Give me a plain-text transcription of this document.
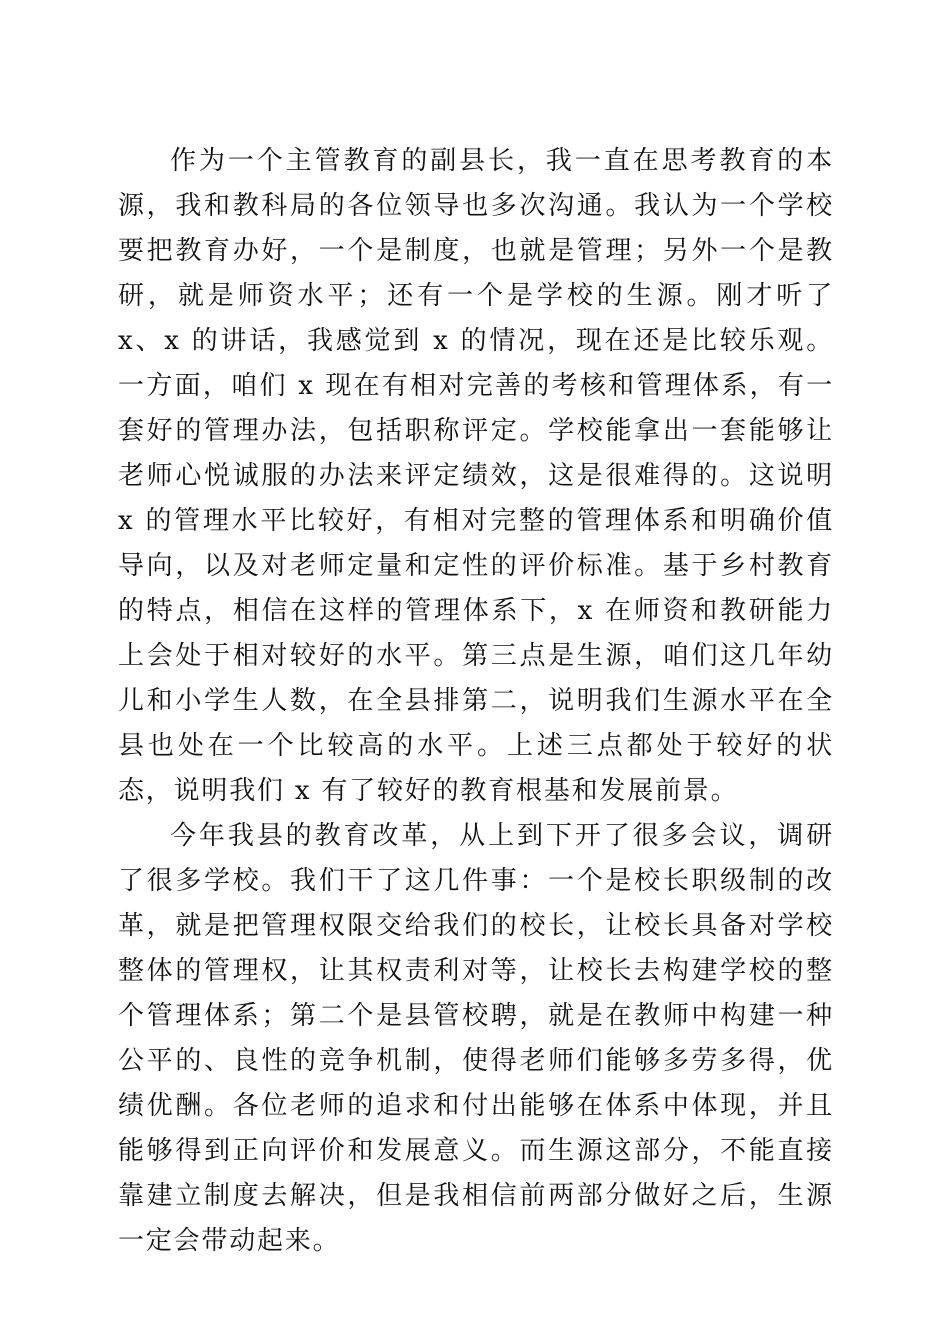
作为一个主管教育的副县长，我一直在思考教育的本源，我和教科局的各位领导也多次沟通。我认为一个学校要把教育办好，一个是制度，也就是管理；另外一个是教研，就是师资水平；还有一个是学校的生源。刚才听了 x、x 的讲话，我感觉到 x 的情况，现在还是比较乐观。一方面，咱们 x 现在有相对完善的考核和管理体系，有一套好的管理办法，包括职称评定。学校能拿出一套能够让老师心悦诚服的办法来评定绩效，这是很难得的。这说明 x 的管理水平比较好，有相对完整的管理体系和明确价值导向，以及对老师定量和定性的评价标准。基于乡村教育的特点，相信在这样的管理体系下，x 在师资和教研能力上会处于相对较好的水平。第三点是生源，咱们这几年幼儿和小学生人数，在全县排第二，说明我们生源水平在全县也处在一个比较高的水平。上述三点都处于较好的状态，说明我们 x 有了较好的教育根基和发展前景。

今年我县的教育改革，从上到下开了很多会议，调研了很多学校。我们干了这几件事：一个是校长职级制的改革，就是把管理权限交给我们的校长，让校长具备对学校整体的管理权，让其权责利对等，让校长去构建学校的整个管理体系；第二个是县管校聘，就是在教师中构建一种公平的、良性的竞争机制，使得老师们能够多劳多得，优绩优酬。各位老师的追求和付出能够在体系中体现，并且能够得到正向评价和发展意义。而生源这部分，不能直接靠建立制度去解决，但是我相信前两部分做好之后，生源一定会带动起来。
